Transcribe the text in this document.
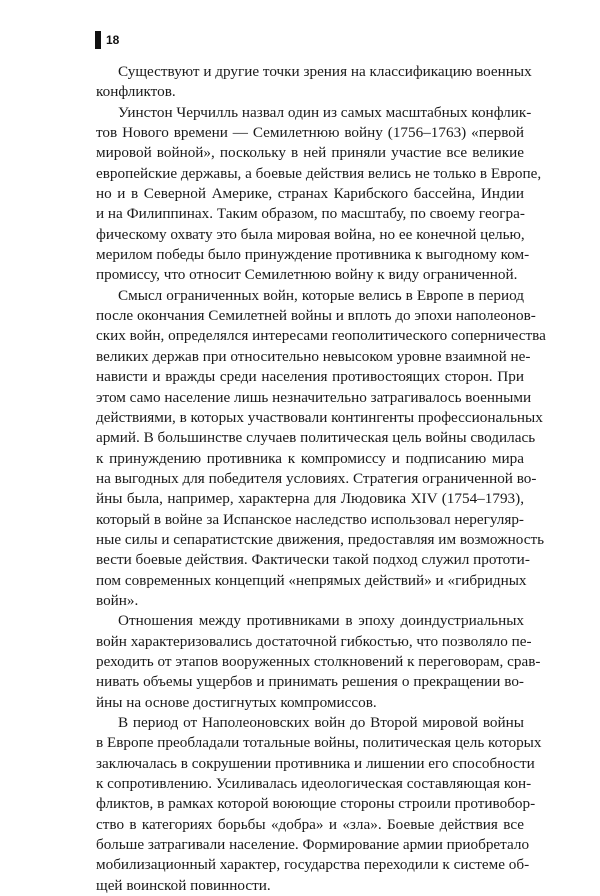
18
Существуют и другие точки зрения на классификацию военных
конфликтов.
Уинстон Черчилль назвал один из самых масштабных конфлик-
тов Нового времени — Семилетнюю войну (1756–1763) «первой
мировой войной», поскольку в ней приняли участие все великие
европейские державы, а боевые действия велись не только в Европе,
но и в Северной Америке, странах Карибского бассейна, Индии
и на Филиппинах. Таким образом, по масштабу, по своему геогра-
фическому охвату это была мировая война, но ее конечной целью,
мерилом победы было принуждение противника к выгодному ком-
промиссу, что относит Семилетнюю войну к виду ограниченной.
Смысл ограниченных войн, которые велись в Европе в период
после окончания Семилетней войны и вплоть до эпохи наполеонов-
ских войн, определялся интересами геополитического соперничества
великих держав при относительно невысоком уровне взаимной не-
нависти и вражды среди населения противостоящих сторон. При
этом само население лишь незначительно затрагивалось военными
действиями, в которых участвовали контингенты профессиональных
армий. В большинстве случаев политическая цель войны сводилась
к принуждению противника к компромиссу и подписанию мира
на выгодных для победителя условиях. Стратегия ограниченной во-
йны была, например, характерна для Людовика XIV (1754–1793),
который в войне за Испанское наследство использовал нерегуляр-
ные силы и сепаратистские движения, предоставляя им возможность
вести боевые действия. Фактически такой подход служил прототи-
пом современных концепций «непрямых действий» и «гибридных
войн».
Отношения между противниками в эпоху доиндустриальных
войн характеризовались достаточной гибкостью, что позволяло пе-
реходить от этапов вооруженных столкновений к переговорам, срав-
нивать объемы ущербов и принимать решения о прекращении во-
йны на основе достигнутых компромиссов.
В период от Наполеоновских войн до Второй мировой войны
в Европе преобладали тотальные войны, политическая цель которых
заключалась в сокрушении противника и лишении его способности
к сопротивлению. Усиливалась идеологическая составляющая кон-
фликтов, в рамках которой воюющие стороны строили противобор-
ство в категориях борьбы «добра» и «зла». Боевые действия все
больше затрагивали население. Формирование армии приобретало
мобилизационный характер, государства переходили к системе об-
щей воинской повинности.
